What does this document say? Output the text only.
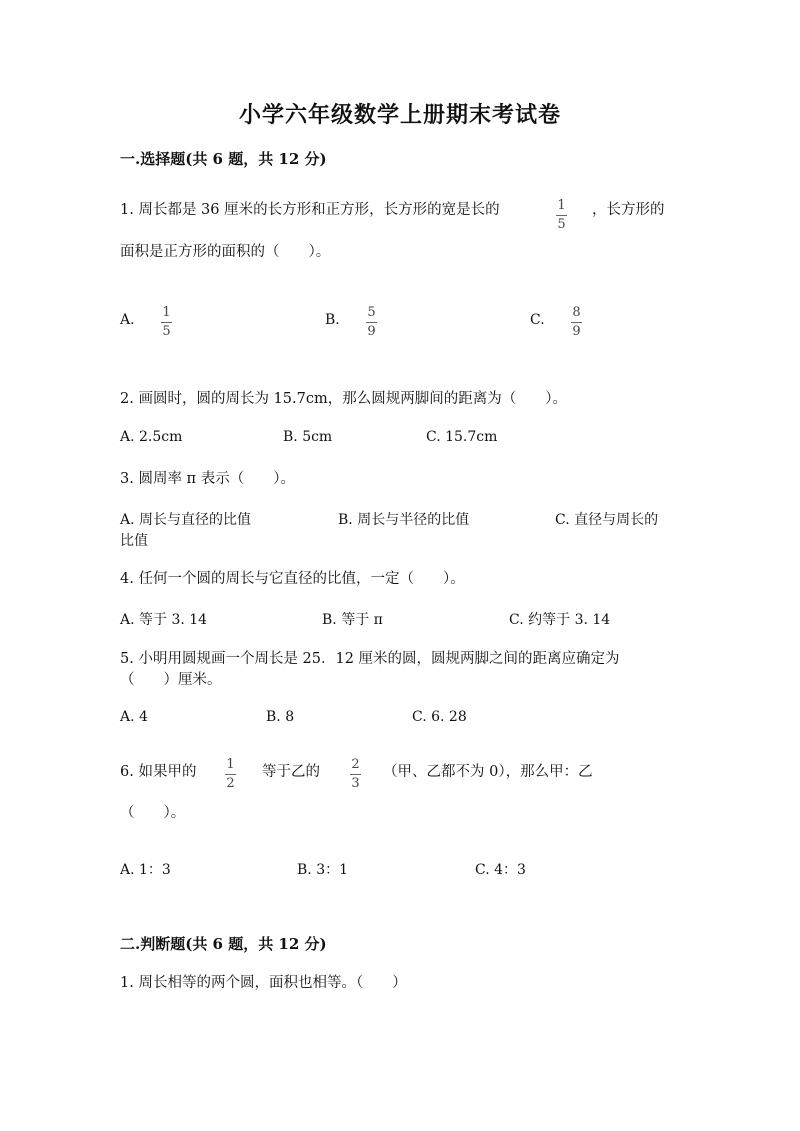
小学六年级数学上册期末考试卷
一.选择题(共 6 题，共 12 分)
1. 周长都是 36 厘米的长方形和正方形，长方形的宽是长的	1
5
，长方形的
面积是正方形的面积的（　　）。
A. 1
5
B. 5
9
C. 8
9
2. 画圆时，圆的周长为 15.7cm，那么圆规两脚间的距离为（　　）。
A. 2.5cm	B. 5cm	C. 15.7cm
3. 圆周率 π 表示（　　）。
A. 周长与直径的比值	B. 周长与半径的比值	C. 直径与周长的
比值
4. 任何一个圆的周长与它直径的比值，一定（　　）。
A. 等于 3. 14	B. 等于 π	C. 约等于 3. 14
5. 小明用圆规画一个周长是 25．12 厘米的圆，圆规两脚之间的距离应确定为
（　　）厘米。
A. 4	B. 8	C. 6. 28
6. 如果甲的 1
2
等于乙的 2
3
（甲、乙都不为 0），那么甲：乙
（　　）。
A. 1：3	B. 3：1	C. 4：3
二.判断题(共 6 题，共 12 分)
1. 周长相等的两个圆，面积也相等。（　　）
